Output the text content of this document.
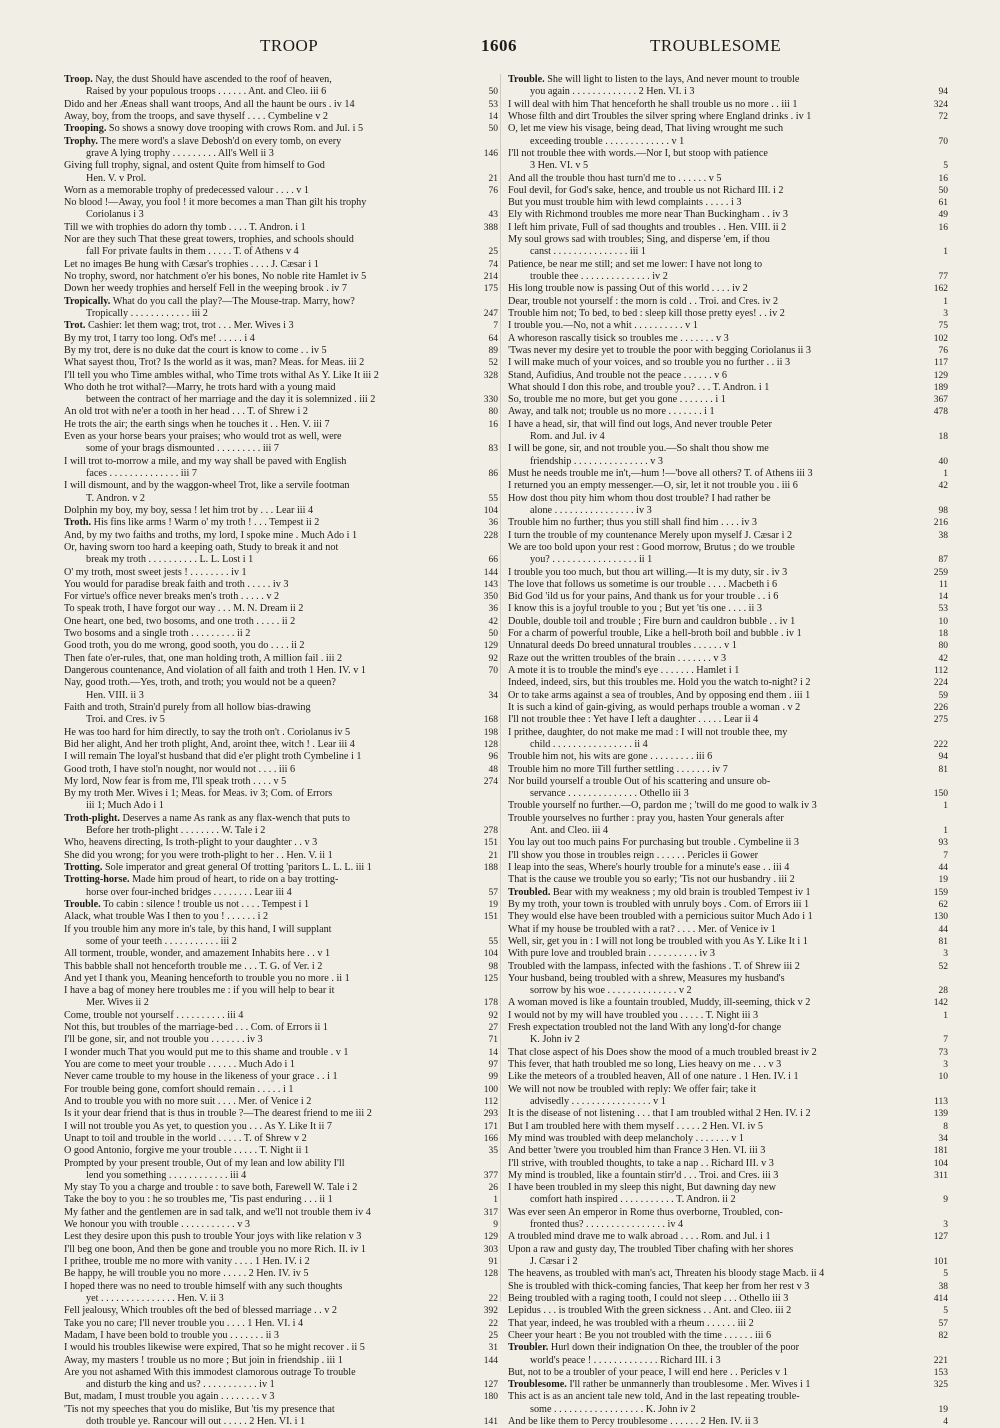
TROOP	1606	TROUBLESOME
Troop. Nay, the dust Should have ascended to the roof of heaven,
Raised by your populous troops . . . . . . Ant. and Cleo. iii 6	50
Dido and her Æneas shall want troops, And all the haunt be ours . iv 14	53
Away, boy, from the troops, and save thyself . . . . Cymbeline v 2	14
Trooping. So shows a snowy dove trooping with crows Rom. and Jul. i 5	50
Trophy. The mere word's a slave Debosh'd on every tomb, on every
grave A lying trophy . . . . . . . . . All's Well ii 3	146
Giving full trophy, signal, and ostent Quite from himself to God
Hen. V. v Prol.	21
Worn as a memorable trophy of predecessed valour . . . . v 1	76
No blood !—Away, you fool ! it more becomes a man Than gilt his trophy
Coriolanus i 3	43
Till we with trophies do adorn thy tomb . . . . T. Andron. i 1	388
Nor are they such That these great towers, trophies, and schools should
fall For private faults in them . . . . . T. of Athens v 4	25
Let no images Be hung with Cæsar's trophies . . . . J. Cæsar i 1	74
No trophy, sword, nor hatchment o'er his bones, No noble rite Hamlet iv 5	214
Down her weedy trophies and herself Fell in the weeping brook . iv 7	175
Tropically. What do you call the play?—The Mouse-trap. Marry, how?
Tropically . . . . . . . . . . . . iii 2	247
Trot. Cashier: let them wag; trot, trot . . . Mer. Wives i 3	7
By my trot, I tarry too long. Od's me! . . . . . i 4	64
By my trot, dere is no duke dat the court is know to come . . iv 5	89
What sayest thou, Trot? Is the world as it was, man? Meas. for Meas. iii 2	52
I'll tell you who Time ambles withal, who Time trots withal As Y. Like It iii 2	328
Who doth he trot withal?—Marry, he trots hard with a young maid
between the contract of her marriage and the day it is solemnized . iii 2	330
An old trot with ne'er a tooth in her head . . . T. of Shrew i 2	80
He trots the air; the earth sings when he touches it . . Hen. V. iii 7	16
Even as your horse bears your praises; who would trot as well, were
some of your brags dismounted . . . . . . . . . iii 7	83
I will trot to-morrow a mile, and my way shall be paved with English
faces . . . . . . . . . . . . . . iii 7	86
I will dismount, and by the waggon-wheel Trot, like a servile footman
T. Andron. v 2	55
Dolphin my boy, my boy, sessa ! let him trot by . . . Lear iii 4	104
Troth. His fins like arms ! Warm o' my troth ! . . . Tempest ii 2	36
And, by my two faiths and troths, my lord, I spoke mine . Much Ado i 1	228
Or, having sworn too hard a keeping oath, Study to break it and not
break my troth . . . . . . . . . . L. L. Lost i 1	66
O' my troth, most sweet jests ! . . . . . . . . iv 1	144
You would for paradise break faith and troth . . . . . iv 3	143
For virtue's office never breaks men's troth . . . . . v 2	350
To speak troth, I have forgot our way . . . M. N. Dream ii 2	36
One heart, one bed, two bosoms, and one troth . . . . . ii 2	42
Two bosoms and a single troth . . . . . . . . . ii 2	50
Good troth, you do me wrong, good sooth, you do . . . . ii 2	129
Then fate o'er-rules, that, one man holding troth, A million fail . iii 2	92
Dangerous countenance, And violation of all faith and troth 1 Hen. IV. v 1	70
Nay, good troth.—Yes, troth, and troth; you would not be a queen?
Hen. VIII. ii 3	34
Faith and troth, Strain'd purely from all hollow bias-drawing
Troi. and Cres. iv 5	168
He was too hard for him directly, to say the troth on't . Coriolanus iv 5	198
Bid her alight, And her troth plight, And, aroint thee, witch ! . Lear iii 4	128
I will remain The loyal'st husband that did e'er plight troth Cymbeline i 1	96
Good troth, I have stol'n nought, nor would not . . . . iii 6	48
My lord, Now fear is from me, I'll speak troth . . . . v 5	274
By my troth Mer. Wives i 1; Meas. for Meas. iv 3; Com. of Errors
iii 1; Much Ado i 1
Troth-plight. Deserves a name As rank as any flax-wench that puts to
Before her troth-plight . . . . . . . . W. Tale i 2	278
Who, heavens directing, Is troth-plight to your daughter . . v 3	151
She did you wrong; for you were troth-plight to her . . Hen. V. ii 1	21
Trotting. Sole imperator and great general Of trotting 'paritors L. L. L. iii 1	188
Trotting-horse. Made him proud of heart, to ride on a bay trotting-
horse over four-inched bridges . . . . . . . . Lear iii 4	57
Trouble. To cabin : silence ! trouble us not . . . . Tempest i 1	19
Alack, what trouble Was I then to you ! . . . . . . i 2	151
If you trouble him any more in's tale, by this hand, I will supplant
some of your teeth . . . . . . . . . . . iii 2	55
All torment, trouble, wonder, and amazement Inhabits here . . v 1	104
This babble shall not henceforth trouble me . . . T. G. of Ver. i 2	98
And yet I thank you, Meaning henceforth to trouble you no more . ii 1	125
I have a bag of money here troubles me : if you will help to bear it
Mer. Wives ii 2	178
Come, trouble not yourself . . . . . . . . . . iii 4	92
Not this, but troubles of the marriage-bed . . . Com. of Errors ii 1	27
I'll be gone, sir, and not trouble you . . . . . . . iv 3	71
I wonder much That you would put me to this shame and trouble . v 1	14
You are come to meet your trouble . . . . . . Much Ado i 1	97
Never came trouble to my house in the likeness of your grace . . i 1	99
For trouble being gone, comfort should remain . . . . . i 1	100
And to trouble you with no more suit . . . . Mer. of Venice i 2	112
Is it your dear friend that is thus in trouble ?—The dearest friend to me iii 2	293
I will not trouble you As yet, to question you . . . As Y. Like It ii 7	171
Unapt to toil and trouble in the world . . . . . T. of Shrew v 2	166
O good Antonio, forgive me your trouble . . . . . T. Night ii 1	35
Prompted by your present trouble, Out of my lean and low ability I'll
lend you something . . . . . . . . . . . . iii 4	377
My stay To you a charge and trouble : to save both, Farewell W. Tale i 2	26
Take the boy to you : he so troubles me, 'Tis past enduring . . . ii 1	1
My father and the gentlemen are in sad talk, and we'll not trouble them iv 4	317
We honour you with trouble . . . . . . . . . . . v 3	9
Lest they desire upon this push to trouble Your joys with like relation v 3	129
I'll beg one boon, And then be gone and trouble you no more Rich. II. iv 1	303
I prithee, trouble me no more with vanity . . . . 1 Hen. IV. i 2	91
Be happy, he will trouble you no more . . . . . 2 Hen. IV. iv 5	128
I hoped there was no need to trouble himself with any such thoughts
yet . . . . . . . . . . . . . . . Hen. V. ii 3	22
Fell jealousy, Which troubles oft the bed of blessed marriage . . v 2	392
Take you no care; I'll never trouble you . . . . 1 Hen. VI. i 4	22
Madam, I have been bold to trouble you . . . . . . . ii 3	25
I would his troubles likewise were expired, That so he might recover . ii 5	31
Away, my masters ! trouble us no more ; But join in friendship . iii 1	144
Are you not ashamed With this immodest clamorous outrage To trouble
and disturb the king and us? . . . . . . . . . . . iv 1	127
But, madam, I must trouble you again . . . . . . . . v 3	180
'Tis not my speeches that you do mislike, But 'tis my presence that
doth trouble ye. Rancour will out . . . . . 2 Hen. VI. i 1	141
Trouble. She will light to listen to the lays, And never mount to trouble
you again . . . . . . . . . . . . . 2 Hen. VI. i 3	94
I will deal with him That henceforth he shall trouble us no more . . iii 1	324
Whose filth and dirt Troubles the silver spring where England drinks . iv 1	72
O, let me view his visage, being dead, That living wrought me such
exceeding trouble . . . . . . . . . . . . . v 1	70
I'll not trouble thee with words.—Nor I, but stoop with patience
3 Hen. VI. v 5	5
And all the trouble thou hast turn'd me to . . . . . . v 5	16
Foul devil, for God's sake, hence, and trouble us not Richard III. i 2	50
But you must trouble him with lewd complaints . . . . . i 3	61
Ely with Richmond troubles me more near Than Buckingham . . iv 3	49
I left him private, Full of sad thoughts and troubles . . Hen. VIII. ii 2	16
My soul grows sad with troubles; Sing, and disperse 'em, if thou
canst . . . . . . . . . . . . . . . iii 1	1
Patience, be near me still; and set me lower: I have not long to
trouble thee . . . . . . . . . . . . . . iv 2	77
His long trouble now is passing Out of this world . . . . iv 2	162
Dear, trouble not yourself : the morn is cold . . Troi. and Cres. iv 2	1
Trouble him not; To bed, to bed : sleep kill those pretty eyes! . . iv 2	3
I trouble you.—No, not a whit . . . . . . . . . . v 1	75
A whoreson rascally tisick so troubles me . . . . . . . v 3	102
'Twas never my desire yet to trouble the poor with begging Coriolanus ii 3	76
I will make much of your voices, and so trouble you no further . . ii 3	117
Stand, Aufidius, And trouble not the peace . . . . . . v 6	129
What should I don this robe, and trouble you? . . . T. Andron. i 1	189
So, trouble me no more, but get you gone . . . . . . . i 1	367
Away, and talk not; trouble us no more . . . . . . . i 1	478
I have a head, sir, that will find out logs, And never trouble Peter
Rom. and Jul. iv 4	18
I will be gone, sir, and not trouble you.—So shalt thou show me
friendship . . . . . . . . . . . . . . . v 3	40
Must he needs trouble me in't,—hum !—'bove all others? T. of Athens iii 3	1
I returned you an empty messenger.—O, sir, let it not trouble you . iii 6	42
How dost thou pity him whom thou dost trouble? I had rather be
alone . . . . . . . . . . . . . . . . iv 3	98
Trouble him no further; thus you still shall find him . . . . iv 3	216
I turn the trouble of my countenance Merely upon myself J. Cæsar i 2	38
We are too bold upon your rest : Good morrow, Brutus ; do we trouble
you? . . . . . . . . . . . . . . . . . ii 1	87
I trouble you too much, but thou art willing.—It is my duty, sir . iv 3	259
The love that follows us sometime is our trouble . . . . Macbeth i 6	11
Bid God 'ild us for your pains, And thank us for your trouble . . i 6	14
I know this is a joyful trouble to you ; But yet 'tis one . . . . ii 3	53
Double, double toil and trouble ; Fire burn and cauldron bubble . . iv 1	10
For a charm of powerful trouble, Like a hell-broth boil and bubble . iv 1	18
Unnatural deeds Do breed unnatural troubles . . . . . . v 1	80
Raze out the written troubles of the brain . . . . . . . v 3	42
A mote it is to trouble the mind's eye . . . . . . . Hamlet i 1	112
Indeed, indeed, sirs, but this troubles me. Hold you the watch to-night? i 2	224
Or to take arms against a sea of troubles, And by opposing end them . iii 1	59
It is such a kind of gain-giving, as would perhaps trouble a woman . v 2	226
I'll not trouble thee : Yet have I left a daughter . . . . . Lear ii 4	275
I prithee, daughter, do not make me mad : I will not trouble thee, my
child . . . . . . . . . . . . . . . . ii 4	222
Trouble him not, his wits are gone . . . . . . . . . iii 6	94
Trouble him no more Till further settling . . . . . . . iv 7	81
Nor build yourself a trouble Out of his scattering and unsure ob-
servance . . . . . . . . . . . . . . Othello iii 3	150
Trouble yourself no further.—O, pardon me ; 'twill do me good to walk iv 3	1
Trouble yourselves no further : pray you, hasten Your generals after
Ant. and Cleo. iii 4	1
You lay out too much pains For purchasing but trouble . Cymbeline ii 3	93
I'll show you those in troubles reign . . . . . . Pericles ii Gower	7
I leap into the seas, Where's hourly trouble for a minute's ease . . iii 4	44
That is the cause we trouble you so early; 'Tis not our husbandry . iii 2	19
Troubled. Bear with my weakness ; my old brain is troubled Tempest iv 1	159
By my troth, your town is troubled with unruly boys . Com. of Errors iii 1	62
They would else have been troubled with a pernicious suitor Much Ado i 1	130
What if my house be troubled with a rat? . . . . Mer. of Venice iv 1	44
Well, sir, get you in : I will not long be troubled with you As Y. Like It i 1	81
With pure love and troubled brain . . . . . . . . . . iv 3	3
Troubled with the lampass, infected with the fashions . T. of Shrew iii 2	52
Your husband, being troubled with a shrew, Measures my husband's
sorrow by his woe . . . . . . . . . . . . . . v 2	28
A woman moved is like a fountain troubled, Muddy, ill-seeming, thick v 2	142
I would not by my will have troubled you . . . . . T. Night iii 3	1
Fresh expectation troubled not the land With any long'd-for change
K. John iv 2	7
That close aspect of his Does show the mood of a much troubled breast iv 2	73
This fever, that hath troubled me so long, Lies heavy on me . . . v 3	3
Like the meteors of a troubled heaven, All of one nature . 1 Hen. IV. i 1	10
We will not now be troubled with reply: We offer fair; take it
advisedly . . . . . . . . . . . . . . . . v 1	113
It is the disease of not listening . . . that I am troubled withal 2 Hen. IV. i 2	139
But I am troubled here with them myself . . . . . 2 Hen. VI. iv 5	8
My mind was troubled with deep melancholy . . . . . . . v 1	34
And better 'twere you troubled him than France 3 Hen. VI. iii 3	181
I'll strive, with troubled thoughts, to take a nap . . Richard III. v 3	104
My mind is troubled, like a fountain stirr'd . . . Troi. and Cres. iii 3	311
I have been troubled in my sleep this night, But dawning day new
comfort hath inspired . . . . . . . . . . . T. Andron. ii 2	9
Was ever seen An emperor in Rome thus overborne, Troubled, con-
fronted thus? . . . . . . . . . . . . . . . . iv 4	3
A troubled mind drave me to walk abroad . . . . Rom. and Jul. i 1	127
Upon a raw and gusty day, The troubled Tiber chafing with her shores
J. Cæsar i 2	101
The heavens, as troubled with man's act, Threaten his bloody stage Macb. ii 4	5
She is troubled with thick-coming fancies, That keep her from her rest v 3	38
Being troubled with a raging tooth, I could not sleep . . . Othello iii 3	414
Lepidus . . . is troubled With the green sickness . . Ant. and Cleo. iii 2	5
That year, indeed, he was troubled with a rheum . . . . . . iii 2	57
Cheer your heart : Be you not troubled with the time . . . . . . iii 6	82
Troubler. Hurl down their indignation On thee, the troubler of the poor
world's peace ! . . . . . . . . . . . . . Richard III. i 3	221
But, not to be a troubler of your peace, I will end here . . Pericles v 1	153
Troublesome. I'll rather be unmannerly than troublesome . Mer. Wives i 1	325
This act is as an ancient tale new told, And in the last repeating trouble-
some . . . . . . . . . . . . . . . . . . K. John iv 2	19
And be like them to Percy troublesome . . . . . . 2 Hen. IV. ii 3	4
